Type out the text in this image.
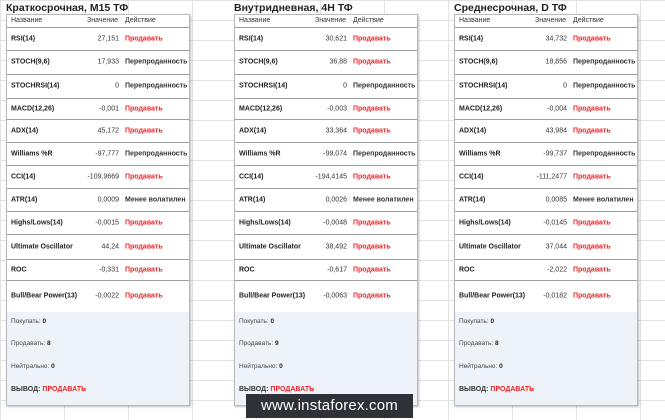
Краткосрочная, M15 ТФ
Название	Значение Действие
RSI(14)	27,151 Продавать
STOCH(9,6)	17,933 Перепроданность
STOCHRSI(14)	0 Перепроданность
MACD(12,26)	-0,001 Продавать
ADX(14)	45,172 Продавать
Williams %R	-97,777 Перепроданность
CCI(14)	-109,9669 Продавать
ATR(14)	0,0009 Менее волатилен
Highs/Lows(14)	-0,0015 Продавать
Ultimate Oscillator	44,24 Продавать
ROC	-0,331 Продавать
Bull/Bear Power(13)	-0,0022 Продавать
Покупать: 0
Продавать: 8
Нейтрально: 0
ВЫВОД: ПРОДАВАТЬ
Внутридневная, 4H ТФ
Название	Значение Действие
RSI(14)	30,621 Продавать
STOCH(9,6)	36,88 Продавать
STOCHRSI(14)	0 Перепроданность
MACD(12,26)	-0,003 Продавать
ADX(14)	33,364 Продавать
Williams %R	-99,074 Перепроданность
CCI(14)	-194,4145 Продавать
ATR(14)	0,0026 Менее волатилен
Highs/Lows(14)	-0,0048 Продавать
Ultimate Oscillator	38,492 Продавать
ROC	-0,617 Продавать
Bull/Bear Power(13)	-0,0063 Продавать
Покупать: 0
Продавать: 9
Нейтрально: 0
ВЫВОД: ПРОДАВАТЬ
Среднесрочная, D ТФ
Название	Значение Действие
RSI(14)	34,732 Продавать
STOCH(9,6)	18,856 Перепроданность
STOCHRSI(14)	0 Перепроданность
MACD(12,26)	-0,004 Продавать
ADX(14)	43,984 Продавать
Williams %R	-99,737 Перепроданность
CCI(14)	-111,2477 Продавать
ATR(14)	0,0085 Менее волатилен
Highs/Lows(14)	-0,0145 Продавать
Ultimate Oscillator	37,044 Продавать
ROC	-2,022 Продавать
Bull/Bear Power(13)	-0,0182 Продавать
Покупать: 0
Продавать: 8
Нейтрально: 0
ВЫВОД: ПРОДАВАТЬ
www.instaforex.com
